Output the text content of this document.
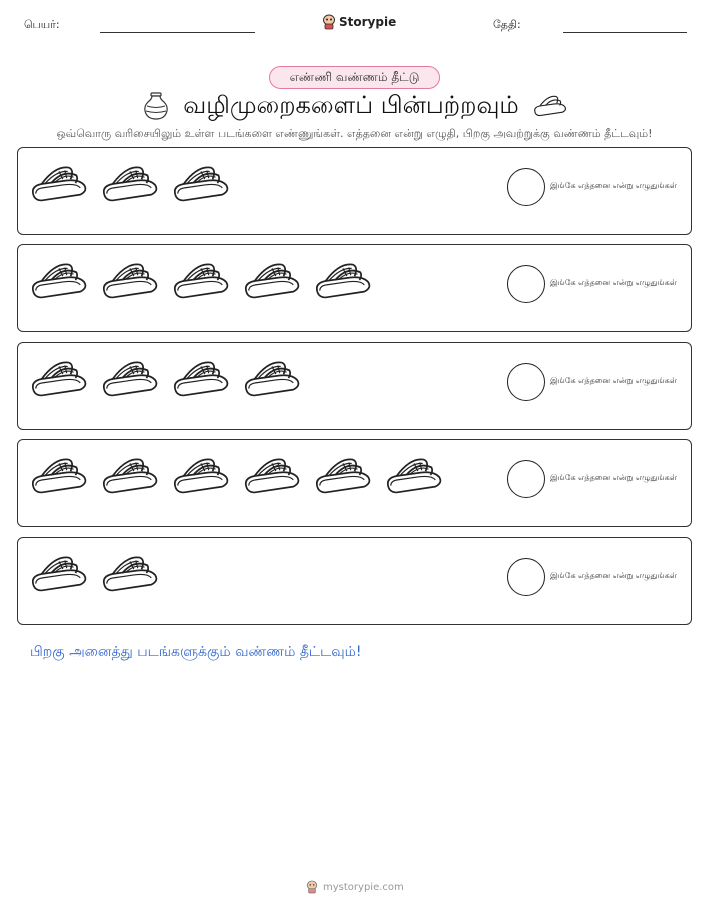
பெயர்:	Storypie	தேதி:
எண்ணி வண்ணம் தீட்டு
வழிமுறைகளைப் பின்பற்றவும்
ஒவ்வொரு வரிசையிலும் உள்ள படங்களை எண்ணுங்கள். எத்தனை என்று எழுதி, பிறகு அவற்றுக்கு வண்ணம் தீட்டவும்!
இங்கே எத்தனை என்று எழுதுங்கள்
இங்கே எத்தனை என்று எழுதுங்கள்
இங்கே எத்தனை என்று எழுதுங்கள்
இங்கே எத்தனை என்று எழுதுங்கள்
இங்கே எத்தனை என்று எழுதுங்கள்
பிறகு அனைத்து படங்களுக்கும் வண்ணம் தீட்டவும்!
mystorypie.com
